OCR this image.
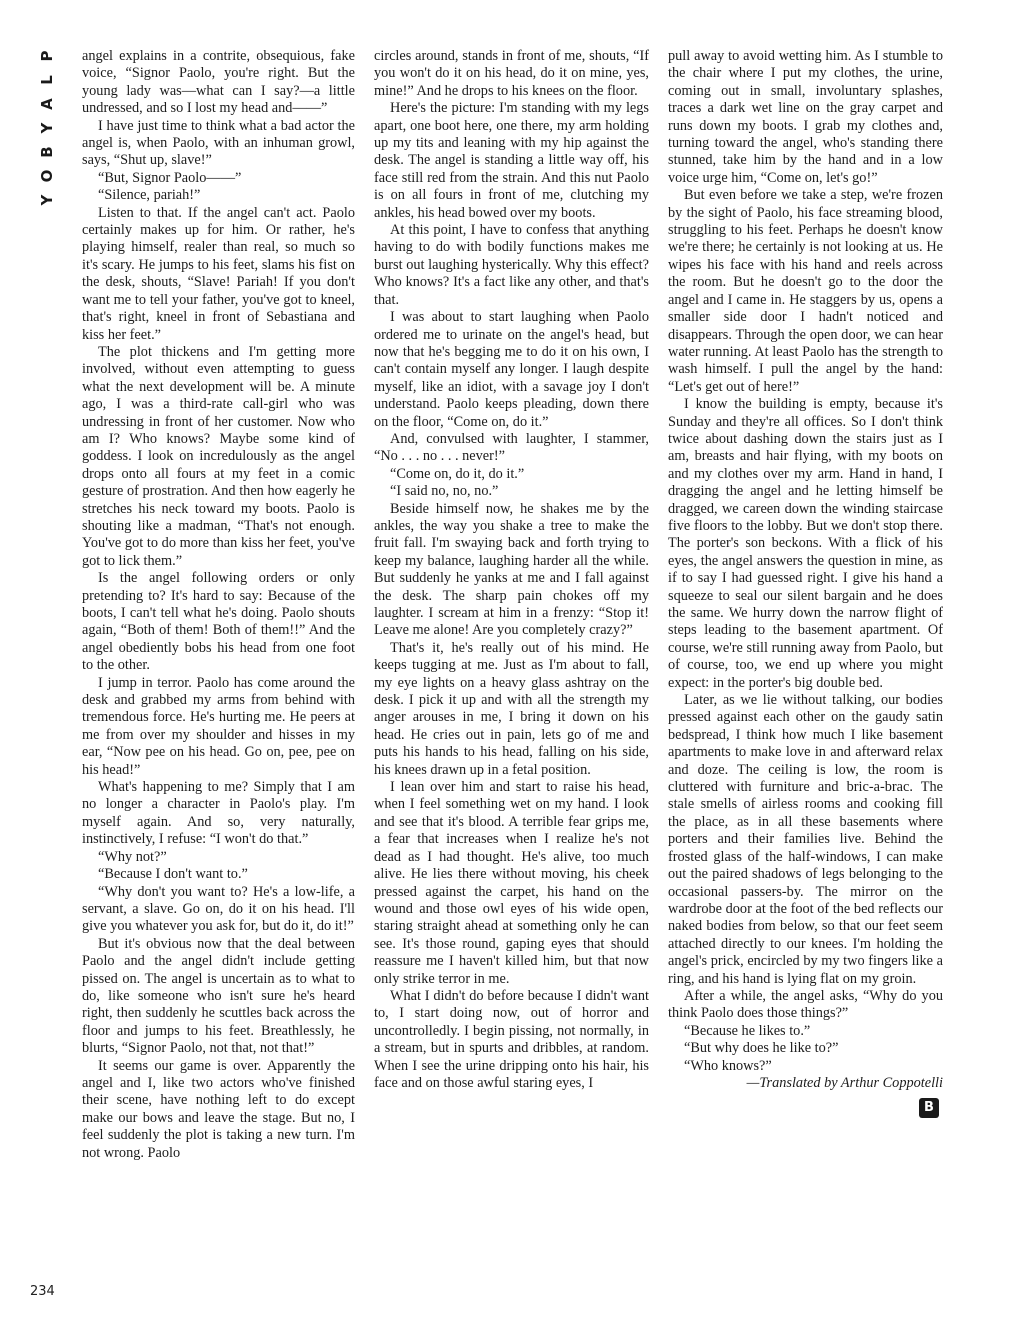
P
L
A
Y
B
O
Y

angel explains in a contrite, obsequious, fake voice, “Signor Paolo, you're right. But the young lady was—what can I say?—a little undressed, and so I lost my head and——”

I have just time to think what a bad actor the angel is, when Paolo, with an inhuman growl, says, “Shut up, slave!”

“But, Signor Paolo——”

“Silence, pariah!”

Listen to that. If the angel can't act. Paolo certainly makes up for him. Or rather, he's playing himself, realer than real, so much so it's scary. He jumps to his feet, slams his fist on the desk, shouts, “Slave! Pariah! If you don't want me to tell your father, you've got to kneel, that's right, kneel in front of Sebastiana and kiss her feet.”

The plot thickens and I'm getting more involved, without even attempting to guess what the next development will be. A minute ago, I was a third-rate call-girl who was undressing in front of her customer. Now who am I? Who knows? Maybe some kind of goddess. I look on incredulously as the angel drops onto all fours at my feet in a comic gesture of prostration. And then how eagerly he stretches his neck toward my boots. Paolo is shouting like a madman, “That's not enough. You've got to do more than kiss her feet, you've got to lick them.”

Is the angel following orders or only pretending to? It's hard to say: Because of the boots, I can't tell what he's doing. Paolo shouts again, “Both of them! Both of them!!” And the angel obediently bobs his head from one foot to the other.

I jump in terror. Paolo has come around the desk and grabbed my arms from behind with tremendous force. He's hurting me. He peers at me from over my shoulder and hisses in my ear, “Now pee on his head. Go on, pee, pee on his head!”

What's happening to me? Simply that I am no longer a character in Paolo's play. I'm myself again. And so, very naturally, instinctively, I refuse: “I won't do that.”

“Why not?”

“Because I don't want to.”

“Why don't you want to? He's a low-life, a servant, a slave. Go on, do it on his head. I'll give you whatever you ask for, but do it, do it!”

But it's obvious now that the deal between Paolo and the angel didn't include getting pissed on. The angel is uncertain as to what to do, like someone who isn't sure he's heard right, then suddenly he scuttles back across the floor and jumps to his feet. Breathlessly, he blurts, “Signor Paolo, not that, not that!”

It seems our game is over. Apparently the angel and I, like two actors who've finished their scene, have nothing left to do except make our bows and leave the stage. But no, I feel suddenly the plot is taking a new turn. I'm not wrong. Paolo

circles around, stands in front of me, shouts, “If you won't do it on his head, do it on mine, yes, mine!” And he drops to his knees on the floor.

Here's the picture: I'm standing with my legs apart, one boot here, one there, my arm holding up my tits and leaning with my hip against the desk. The angel is standing a little way off, his face still red from the strain. And this nut Paolo is on all fours in front of me, clutching my ankles, his head bowed over my boots.

At this point, I have to confess that anything having to do with bodily functions makes me burst out laughing hysterically. Why this effect? Who knows? It's a fact like any other, and that's that.

I was about to start laughing when Paolo ordered me to urinate on the angel's head, but now that he's begging me to do it on his own, I can't contain myself any longer. I laugh despite myself, like an idiot, with a savage joy I don't understand. Paolo keeps pleading, down there on the floor, “Come on, do it.”

And, convulsed with laughter, I stammer, “No . . . no . . . never!”

“Come on, do it, do it.”

“I said no, no, no.”

Beside himself now, he shakes me by the ankles, the way you shake a tree to make the fruit fall. I'm swaying back and forth trying to keep my balance, laughing harder all the while. But suddenly he yanks at me and I fall against the desk. The sharp pain chokes off my laughter. I scream at him in a frenzy: “Stop it! Leave me alone! Are you completely crazy?”

That's it, he's really out of his mind. He keeps tugging at me. Just as I'm about to fall, my eye lights on a heavy glass ashtray on the desk. I pick it up and with all the strength my anger arouses in me, I bring it down on his head. He cries out in pain, lets go of me and puts his hands to his head, falling on his side, his knees drawn up in a fetal position.

I lean over him and start to raise his head, when I feel something wet on my hand. I look and see that it's blood. A terrible fear grips me, a fear that increases when I realize he's not dead as I had thought. He's alive, too much alive. He lies there without moving, his cheek pressed against the carpet, his hand on the wound and those owl eyes of his wide open, staring straight ahead at something only he can see. It's those round, gaping eyes that should reassure me I haven't killed him, but that now only strike terror in me.

What I didn't do before because I didn't want to, I start doing now, out of horror and uncontrolledly. I begin pissing, not normally, in a stream, but in spurts and dribbles, at random. When I see the urine dripping onto his hair, his face and on those awful staring eyes, I

pull away to avoid wetting him. As I stumble to the chair where I put my clothes, the urine, coming out in small, involuntary splashes, traces a dark wet line on the gray carpet and runs down my boots. I grab my clothes and, turning toward the angel, who's standing there stunned, take him by the hand and in a low voice urge him, “Come on, let's go!”

But even before we take a step, we're frozen by the sight of Paolo, his face streaming blood, struggling to his feet. Perhaps he doesn't know we're there; he certainly is not looking at us. He wipes his face with his hand and reels across the room. But he doesn't go to the door the angel and I came in. He staggers by us, opens a smaller side door I hadn't noticed and disappears. Through the open door, we can hear water running. At least Paolo has the strength to wash himself. I pull the angel by the hand: “Let's get out of here!”

I know the building is empty, because it's Sunday and they're all offices. So I don't think twice about dashing down the stairs just as I am, breasts and hair flying, with my boots on and my clothes over my arm. Hand in hand, I dragging the angel and he letting himself be dragged, we careen down the winding staircase five floors to the lobby. But we don't stop there. The porter's son beckons. With a flick of his eyes, the angel answers the question in mine, as if to say I had guessed right. I give his hand a squeeze to seal our silent bargain and he does the same. We hurry down the narrow flight of steps leading to the basement apartment. Of course, we're still running away from Paolo, but of course, too, we end up where you might expect: in the porter's big double bed.

Later, as we lie without talking, our bodies pressed against each other on the gaudy satin bedspread, I think how much I like basement apartments to make love in and afterward relax and doze. The ceiling is low, the room is cluttered with furniture and bric-a-brac. The stale smells of airless rooms and cooking fill the place, as in all these basements where porters and their families live. Behind the frosted glass of the half-windows, I can make out the paired shadows of legs belonging to the occasional passers-by. The mirror on the wardrobe door at the foot of the bed reflects our naked bodies from below, so that our feet seem attached directly to our knees. I'm holding the angel's prick, encircled by my two fingers like a ring, and his hand is lying flat on my groin.

After a while, the angel asks, “Why do you think Paolo does those things?”

“Because he likes to.”

“But why does he like to?”

“Who knows?”

—Translated by Arthur Coppotelli

B
234
